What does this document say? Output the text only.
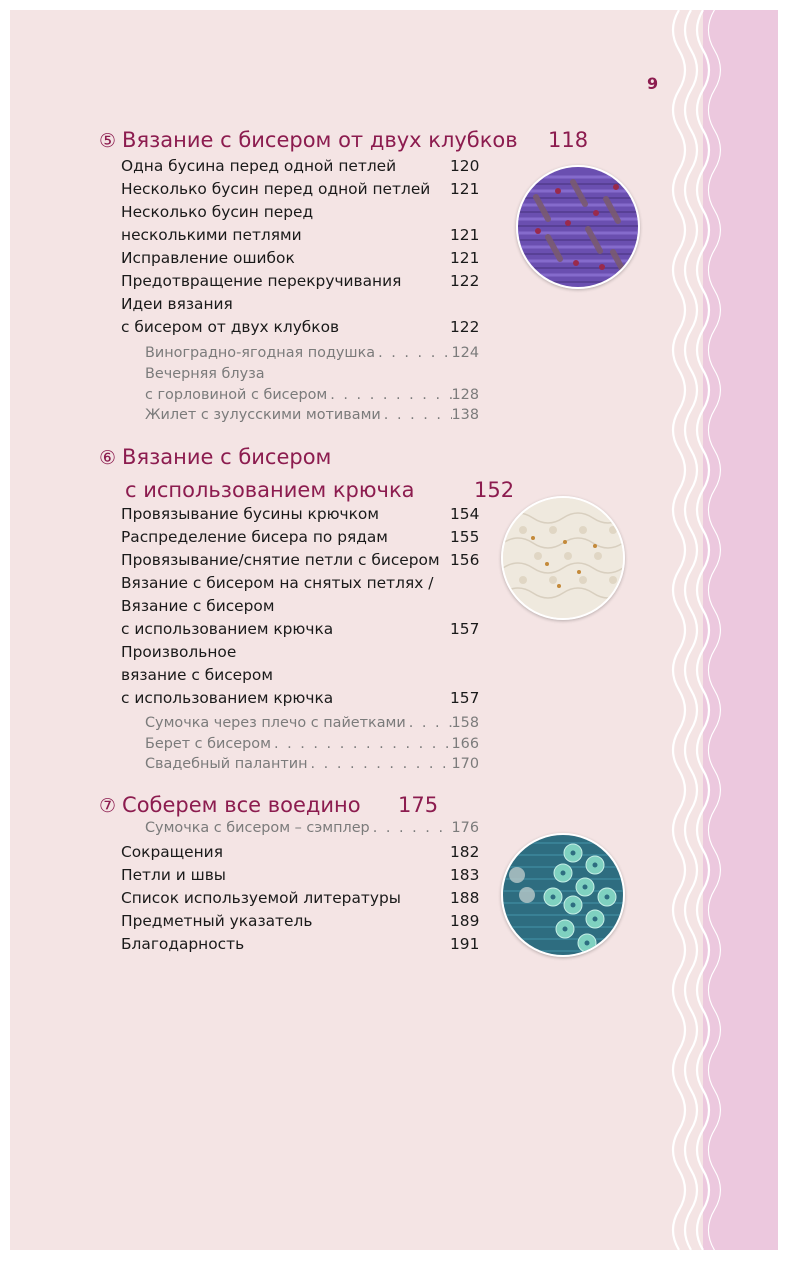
9
⑤ Вязание с бисером от двух клубков 118
Одна бусина перед одной петлей	120
Несколько бусин перед одной петлей 121
Несколько бусин перед
несколькими петлями	121
Исправление ошибок	121
Предотвращение перекручивания	122
Идеи вязания
с бисером от двух клубков	122
Виноградно-ягодная подушка . . .	124
Вечерняя блуза
с горловиной с бисером . . .	128
Жилет с зулусскими мотивами . . .	138
⑥ Вязание с бисером
с использованием крючка	152
Провязывание бусины крючком	154
Распределение бисера по рядам	155
Провязывание/снятие петли с бисером 156
Вязание с бисером на снятых петлях /
Вязание с бисером
с использованием крючка	157
Произвольное
вязание с бисером
с использованием крючка	157
Сумочка через плечо с пайетками . . .	158
Берет с бисером . . .	166
Свадебный палантин . . .	170
⑦ Соберем все воедино 175
Сумочка с бисером – сэмплер . . .	176
Сокращения	182
Петли и швы	183
Список используемой литературы	188
Предметный указатель	189
Благодарность	191
